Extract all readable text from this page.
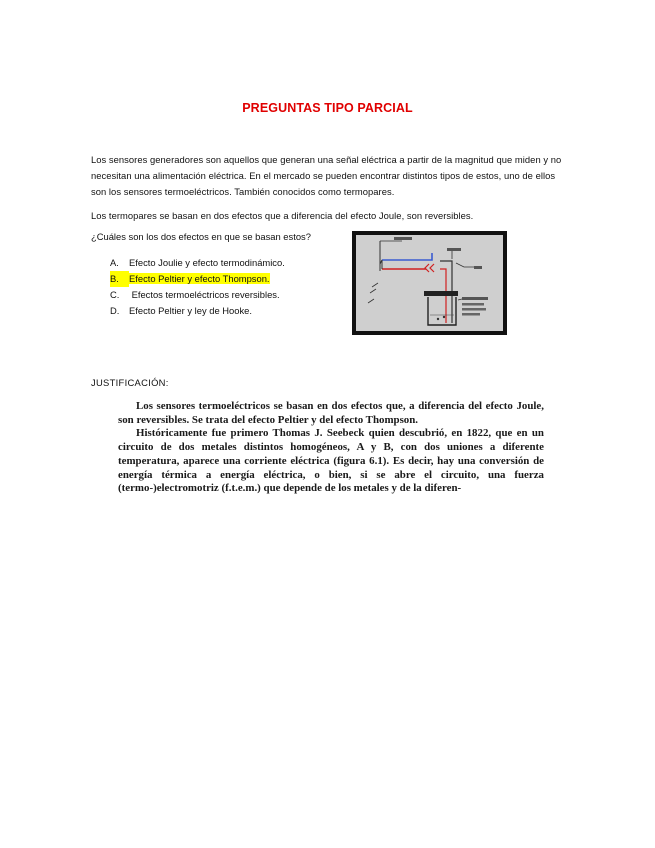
PREGUNTAS TIPO PARCIAL
Los sensores generadores son aquellos que generan una señal eléctrica a partir de la magnitud que miden y no necesitan una alimentación eléctrica. En el mercado se pueden encontrar distintos tipos de estos, uno de ellos son los sensores termoeléctricos. También conocidos como termopares.
Los termopares se basan en dos efectos que a diferencia del efecto Joule, son reversibles.
¿Cuáles son los dos efectos en que se basan estos?
A. Efecto Joulie y efecto termodinámico.
B. Efecto Peltier y efecto Thompson.
C. Efectos termoeléctricos reversibles.
D. Efecto Peltier y ley de Hooke.
JUSTIFICACIÓN:

Los sensores termoeléctricos se basan en dos efectos que, a diferencia del efecto Joule, son reversibles. Se trata del efecto Peltier y del efecto Thompson.

Históricamente fue primero Thomas J. Seebeck quien descubrió, en 1822, que en un circuito de dos metales distintos homogéneos, A y B, con dos uniones a diferente temperatura, aparece una corriente eléctrica (figura 6.1). Es decir, hay una conversión de energía térmica a energía eléctrica, o bien, si se abre el circuito, una fuerza (termo-)electromotriz (f.t.e.m.) que depende de los metales y de la diferen-
